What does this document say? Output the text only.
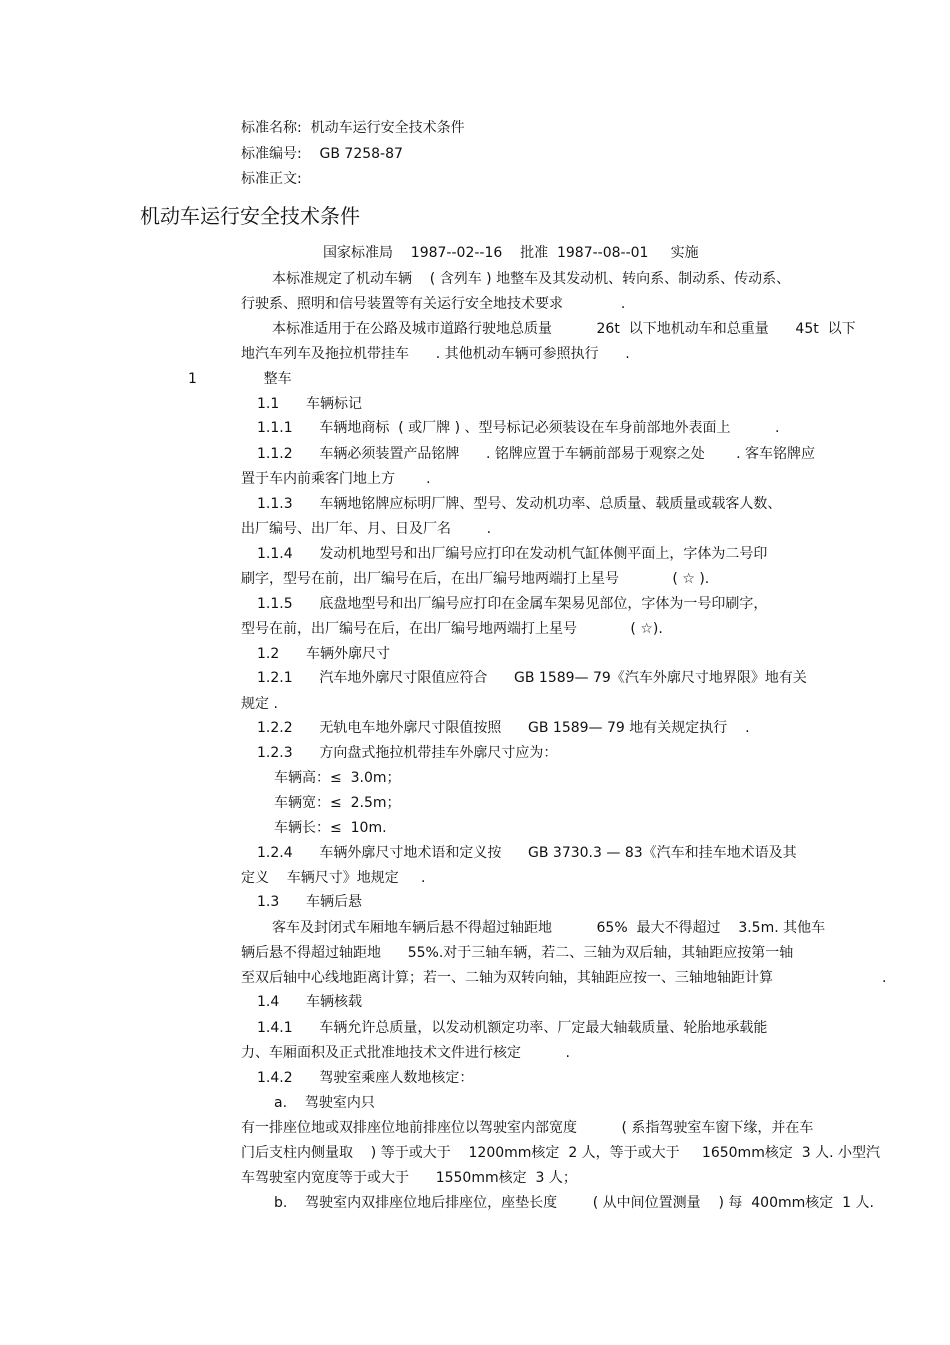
标准名称:  机动车运行安全技术条件
标准编号:    GB 7258-87
标准正文:
机动车运行安全技术条件
国家标准局    1987--02--16    批准  1987--08--01     实施
本标准规定了机动车辆    ( 含列车 ) 地整车及其发动机、转向系、制动系、传动系、
行驶系、照明和信号装置等有关运行安全地技术要求             .
本标准适用于在公路及城市道路行驶地总质量          26t  以下地机动车和总重量      45t  以下
地汽车列车及拖拉机带挂车      . 其他机动车辆可参照执行      .
1               整车
1.1      车辆标记
1.1.1      车辆地商标  ( 或厂牌 ) 、型号标记必须装设在车身前部地外表面上          .
1.1.2      车辆必须装置产品铭牌      . 铭牌应置于车辆前部易于观察之处       . 客车铭牌应
置于车内前乘客门地上方       .
1.1.3      车辆地铭牌应标明厂牌、型号、发动机功率、总质量、载质量或载客人数、
出厂编号、出厂年、月、日及厂名        .
1.1.4      发动机地型号和出厂编号应打印在发动机气缸体侧平面上，字体为二号印
刷字，型号在前，出厂编号在后，在出厂编号地两端打上星号            ( ☆ ).
1.1.5      底盘地型号和出厂编号应打印在金属车架易见部位，字体为一号印刷字，
型号在前，出厂编号在后，在出厂编号地两端打上星号            ( ☆).
1.2      车辆外廓尺寸
1.2.1      汽车地外廓尺寸限值应符合      GB 1589— 79《汽车外廓尺寸地界限》地有关
规定 .
1.2.2      无轨电车地外廓尺寸限值按照      GB 1589— 79 地有关规定执行    .
1.2.3      方向盘式拖拉机带挂车外廓尺寸应为：
车辆高：≤  3.0m；
车辆宽：≤  2.5m；
车辆长：≤  10m.
1.2.4      车辆外廓尺寸地术语和定义按      GB 3730.3 — 83《汽车和挂车地术语及其
定义    车辆尺寸》地规定     .
1.3      车辆后悬
客车及封闭式车厢地车辆后悬不得超过轴距地          65%  最大不得超过    3.5m. 其他车
辆后悬不得超过轴距地      55%.对于三轴车辆，若二、三轴为双后轴，其轴距应按第一轴
至双后轴中心线地距离计算；若一、二轴为双转向轴，其轴距应按一、三轴地轴距计算	.
1.4      车辆核载
1.4.1      车辆允许总质量，以发动机额定功率、厂定最大轴载质量、轮胎地承载能
力、车厢面积及正式批准地技术文件进行核定          .
1.4.2      驾驶室乘座人数地核定：
a.    驾驶室内只
有一排座位地或双排座位地前排座位以驾驶室内部宽度          ( 系指驾驶室车窗下缘，并在车
门后支柱内侧量取    ) 等于或大于    1200mm核定  2 人，等于或大于     1650mm核定  3 人. 小型汽
车驾驶室内宽度等于或大于      1550mm核定  3 人；
b.    驾驶室内双排座位地后排座位，座垫长度        ( 从中间位置测量    ) 每  400mm核定  1 人.
